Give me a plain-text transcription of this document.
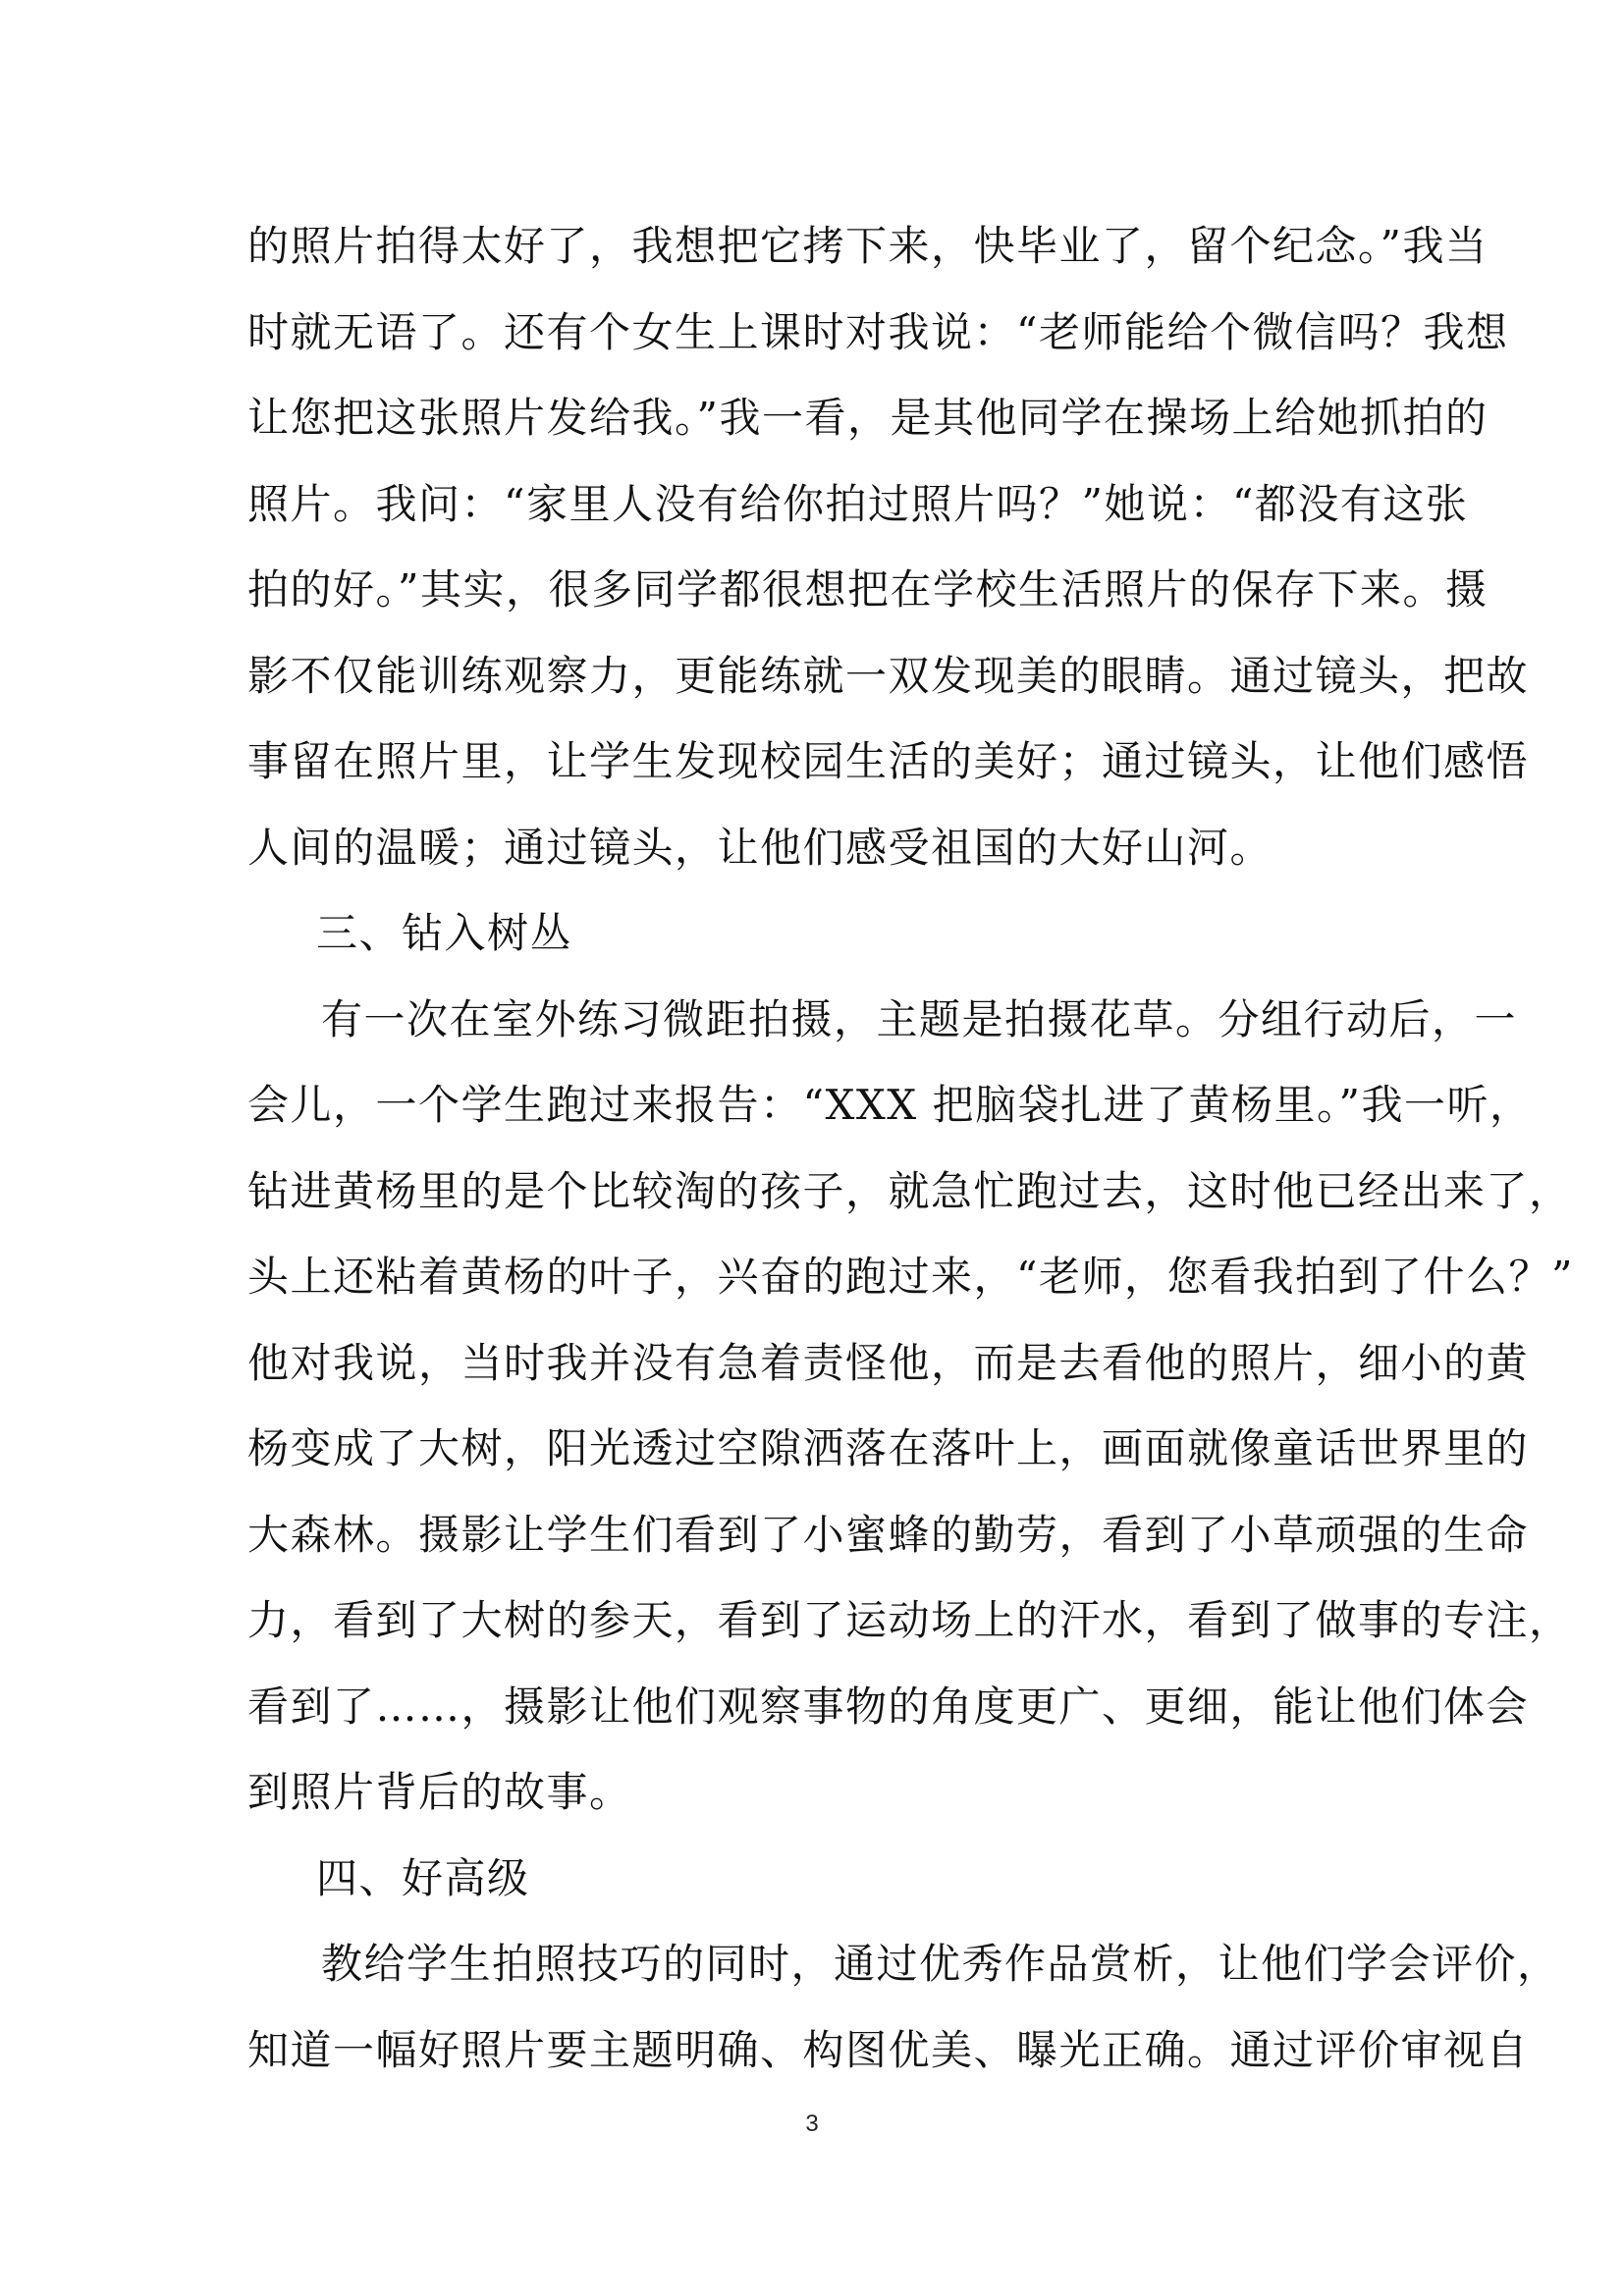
的照片拍得太好了，我想把它拷下来，快毕业了，留个纪念。”我当
时就无语了。还有个女生上课时对我说：“老师能给个微信吗？我想
让您把这张照片发给我。”我一看，是其他同学在操场上给她抓拍的
照片。我问：“家里人没有给你拍过照片吗？”她说：“都没有这张
拍的好。”其实，很多同学都很想把在学校生活照片的保存下来。摄
影不仅能训练观察力，更能练就一双发现美的眼睛。通过镜头，把故
事留在照片里，让学生发现校园生活的美好；通过镜头，让他们感悟
人间的温暖；通过镜头，让他们感受祖国的大好山河。
三、钻入树丛
有一次在室外练习微距拍摄，主题是拍摄花草。分组行动后，一
会儿，一个学生跑过来报告：“XXX 把脑袋扎进了黄杨里。”我一听，
钻进黄杨里的是个比较淘的孩子，就急忙跑过去，这时他已经出来了，
头上还粘着黄杨的叶子，兴奋的跑过来，“老师，您看我拍到了什么？”
他对我说，当时我并没有急着责怪他，而是去看他的照片，细小的黄
杨变成了大树，阳光透过空隙洒落在落叶上，画面就像童话世界里的
大森林。摄影让学生们看到了小蜜蜂的勤劳，看到了小草顽强的生命
力，看到了大树的参天，看到了运动场上的汗水，看到了做事的专注，
看到了……，摄影让他们观察事物的角度更广、更细，能让他们体会
到照片背后的故事。
四、好高级
教给学生拍照技巧的同时，通过优秀作品赏析，让他们学会评价，
知道一幅好照片要主题明确、构图优美、曝光正确。通过评价审视自
3
